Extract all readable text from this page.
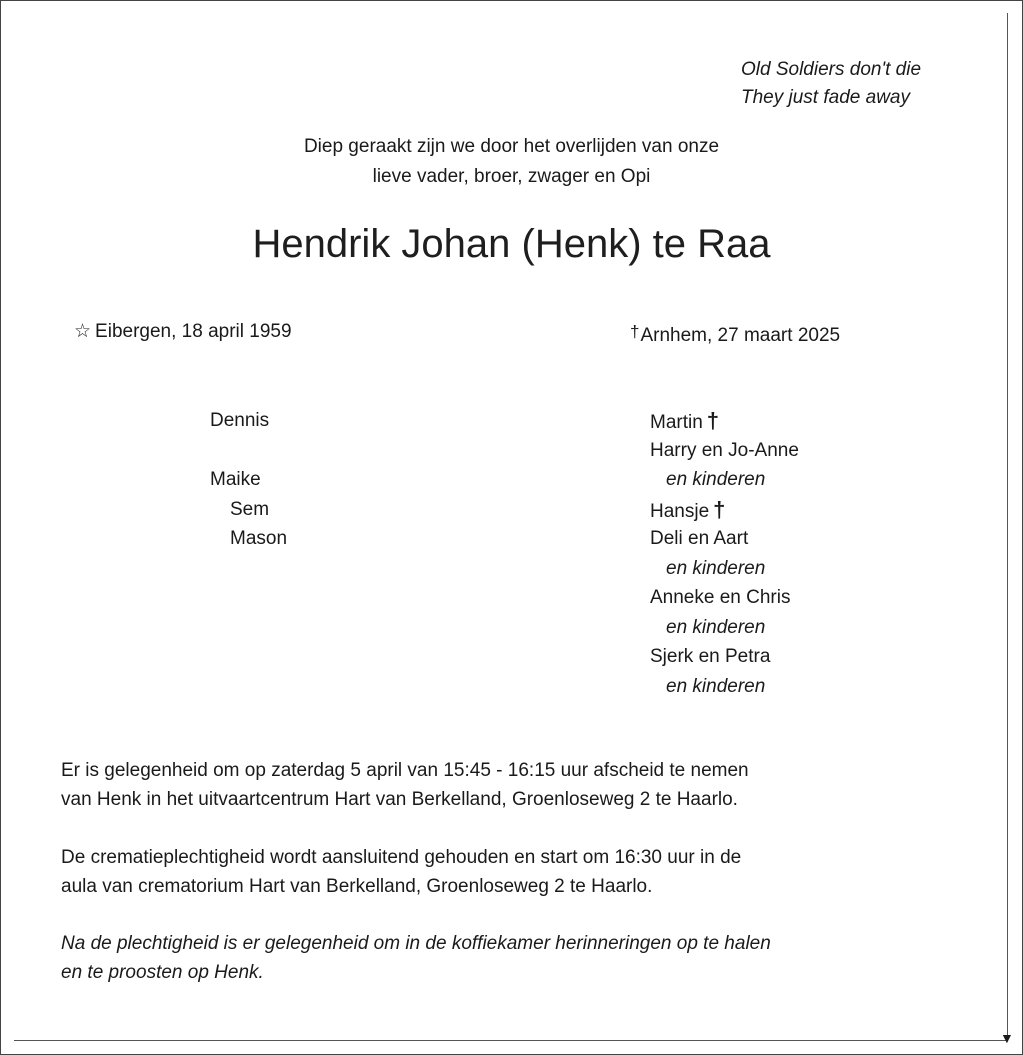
▼
Old Soldiers don't die
They just fade away
Diep geraakt zijn we door het overlijden van onze
lieve vader, broer, zwager en Opi
Hendrik Johan (Henk) te Raa
☆ Eibergen, 18 april 1959	†Arnhem, 27 maart 2025
Dennis
Maike
Sem
Mason
Martin †
Harry en Jo-Anne
en kinderen
Hansje †
Deli en Aart
en kinderen
Anneke en Chris
en kinderen
Sjerk en Petra
en kinderen
Er is gelegenheid om op zaterdag 5 april van 15:45 - 16:15 uur afscheid te nemen
van Henk in het uitvaartcentrum Hart van Berkelland, Groenloseweg 2 te Haarlo.
De crematieplechtigheid wordt aansluitend gehouden en start om 16:30 uur in de
aula van crematorium Hart van Berkelland, Groenloseweg 2 te Haarlo.
Na de plechtigheid is er gelegenheid om in de koffiekamer herinneringen op te halen
en te proosten op Henk.
